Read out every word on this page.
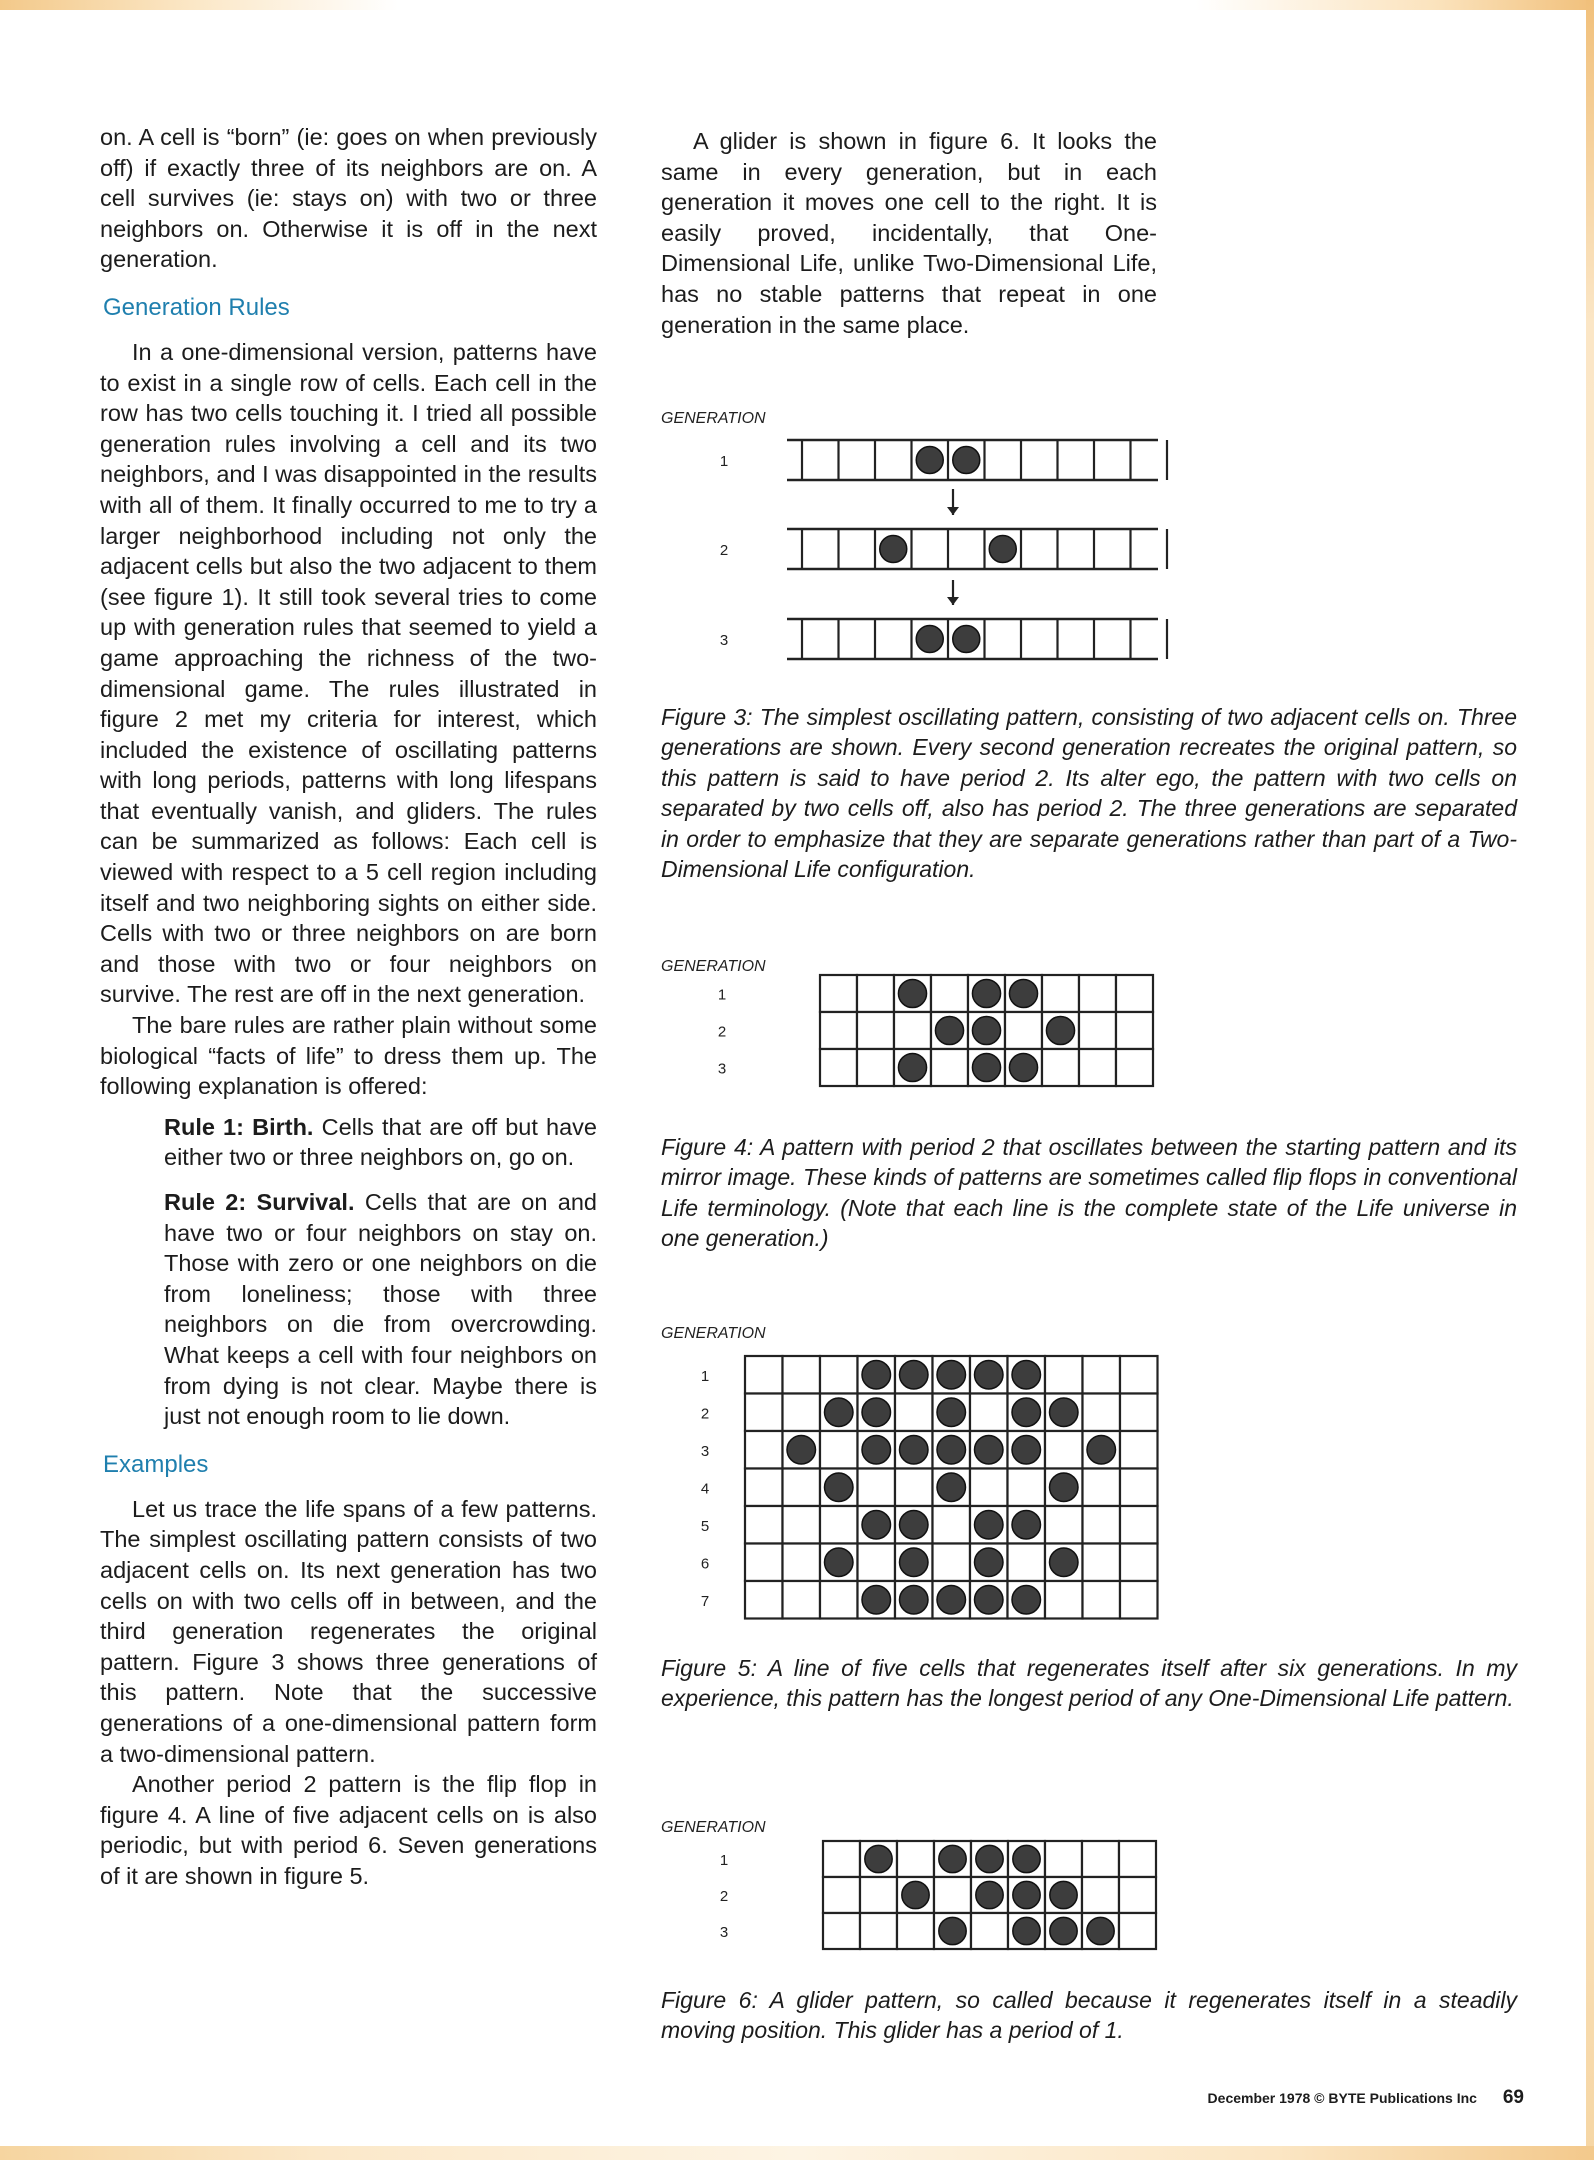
on. A cell is “born” (ie: goes on when previously off) if exactly three of its neighbors are on. A cell survives (ie: stays on) with two or three neighbors on. Otherwise it is off in the next generation.

Generation Rules

In a one-dimensional version, patterns have to exist in a single row of cells. Each cell in the row has two cells touching it. I tried all possible generation rules involving a cell and its two neighbors, and I was disappointed in the results with all of them. It finally occurred to me to try a larger neighborhood including not only the adjacent cells but also the two adjacent to them (see figure 1). It still took several tries to come up with generation rules that seemed to yield a game approaching the richness of the two-dimensional game. The rules illustrated in figure 2 met my criteria for interest, which included the existence of oscillating patterns with long periods, patterns with long lifespans that eventually vanish, and gliders. The rules can be summarized as follows: Each cell is viewed with respect to a 5 cell region including itself and two neighboring sights on either side. Cells with two or three neighbors on are born and those with two or four neighbors on survive. The rest are off in the next generation.

The bare rules are rather plain without some biological “facts of life” to dress them up. The following explanation is offered:

Rule 1: Birth. Cells that are off but have either two or three neighbors on, go on.

Rule 2: Survival. Cells that are on and have two or four neighbors on stay on. Those with zero or one neighbors on die from loneliness; those with three neighbors on die from overcrowding. What keeps a cell with four neighbors on from dying is not clear. Maybe there is just not enough room to lie down.

Examples

Let us trace the life spans of a few patterns. The simplest oscillating pattern consists of two adjacent cells on. Its next generation has two cells on with two cells off in between, and the third generation regenerates the original pattern. Figure 3 shows three generations of this pattern. Note that the successive generations of a one-dimensional pattern form a two-dimensional pattern.

Another period 2 pattern is the flip flop in figure 4. A line of five adjacent cells on is also periodic, but with period 6. Seven generations of it are shown in figure 5.

A glider is shown in figure 6. It looks the same in every generation, but in each generation it moves one cell to the right. It is easily proved, incidentally, that One-Dimensional Life, unlike Two-Dimensional Life, has no stable patterns that repeat in one generation in the same place.

GENERATION
1
2
3
Figure 3: The simplest oscillating pattern, consisting of two adjacent cells on. Three generations are shown. Every second generation recreates the original pattern, so this pattern is said to have period 2. Its alter ego, the pattern with two cells on separated by two cells off, also has period 2. The three generations are separated in order to emphasize that they are separate generations rather than part of a Two-Dimensional Life configuration.
GENERATION
1
2
3
Figure 4: A pattern with period 2 that oscillates between the starting pattern and its mirror image. These kinds of patterns are sometimes called flip flops in conventional Life terminology. (Note that each line is the complete state of the Life universe in one generation.)
GENERATION
1
2
3
4
5
6
7
Figure 5: A line of five cells that regenerates itself after six generations. In my experience, this pattern has the longest period of any One-Dimensional Life pattern.
GENERATION
1
2
3
Figure 6: A glider pattern, so called because it regenerates itself in a steadily moving position. This glider has a period of 1.
December 1978 © BYTE Publications Inc 69
